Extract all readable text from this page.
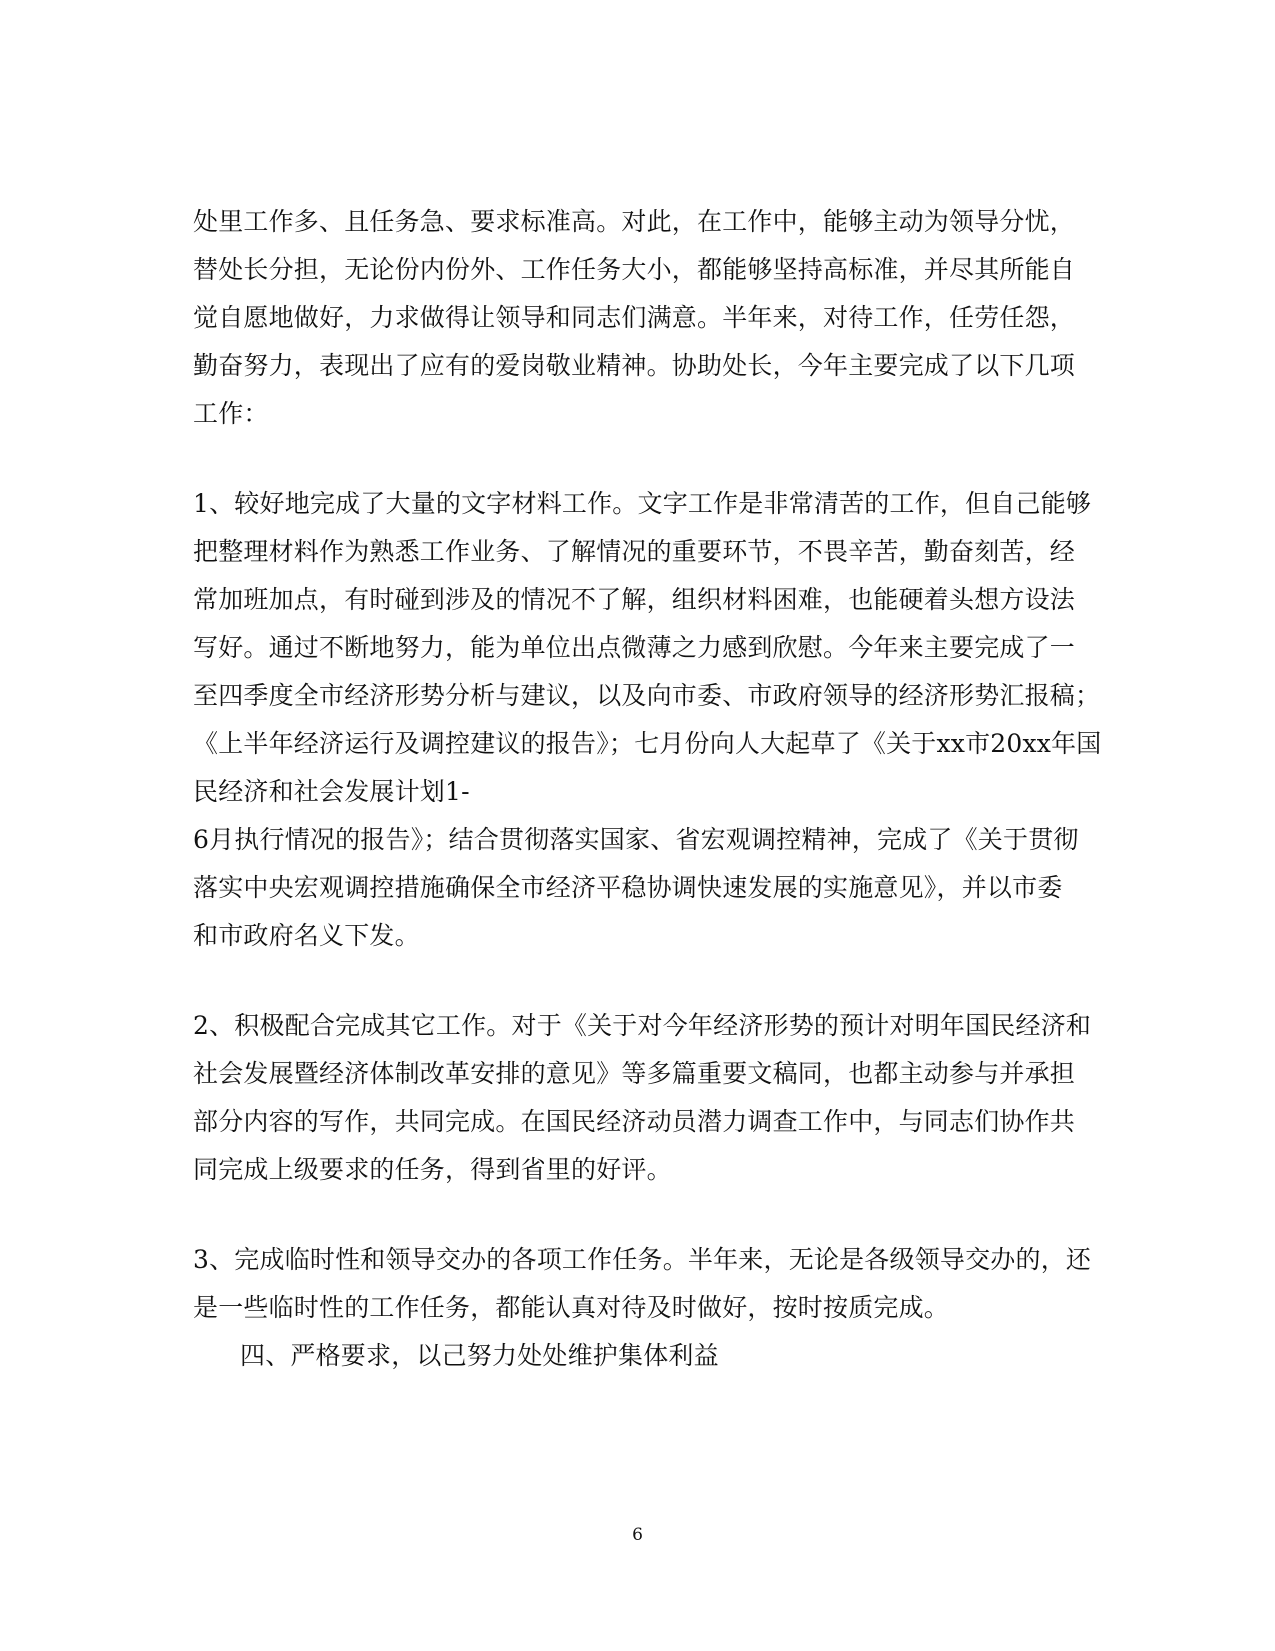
处里工作多、且任务急、要求标准高。对此，在工作中，能够主动为领导分忧，
替处长分担，无论份内份外、工作任务大小，都能够坚持高标准，并尽其所能自
觉自愿地做好，力求做得让领导和同志们满意。半年来，对待工作，任劳任怨，
勤奋努力，表现出了应有的爱岗敬业精神。协助处长，今年主要完成了以下几项
工作：
1、较好地完成了大量的文字材料工作。文字工作是非常清苦的工作，但自己能够
把整理材料作为熟悉工作业务、了解情况的重要环节，不畏辛苦，勤奋刻苦，经
常加班加点，有时碰到涉及的情况不了解，组织材料困难，也能硬着头想方设法
写好。通过不断地努力，能为单位出点微薄之力感到欣慰。今年来主要完成了一
至四季度全市经济形势分析与建议，以及向市委、市政府领导的经济形势汇报稿；
《上半年经济运行及调控建议的报告》；七月份向人大起草了《关于xx市20xx年国
民经济和社会发展计划1-
6月执行情况的报告》；结合贯彻落实国家、省宏观调控精神，完成了《关于贯彻
落实中央宏观调控措施确保全市经济平稳协调快速发展的实施意见》，并以市委
和市政府名义下发。
2、积极配合完成其它工作。对于《关于对今年经济形势的预计对明年国民经济和
社会发展暨经济体制改革安排的意见》等多篇重要文稿同，也都主动参与并承担
部分内容的写作，共同完成。在国民经济动员潜力调查工作中，与同志们协作共
同完成上级要求的任务，得到省里的好评。
3、完成临时性和领导交办的各项工作任务。半年来，无论是各级领导交办的，还
是一些临时性的工作任务，都能认真对待及时做好，按时按质完成。
四、严格要求，以己努力处处维护集体利益
6
